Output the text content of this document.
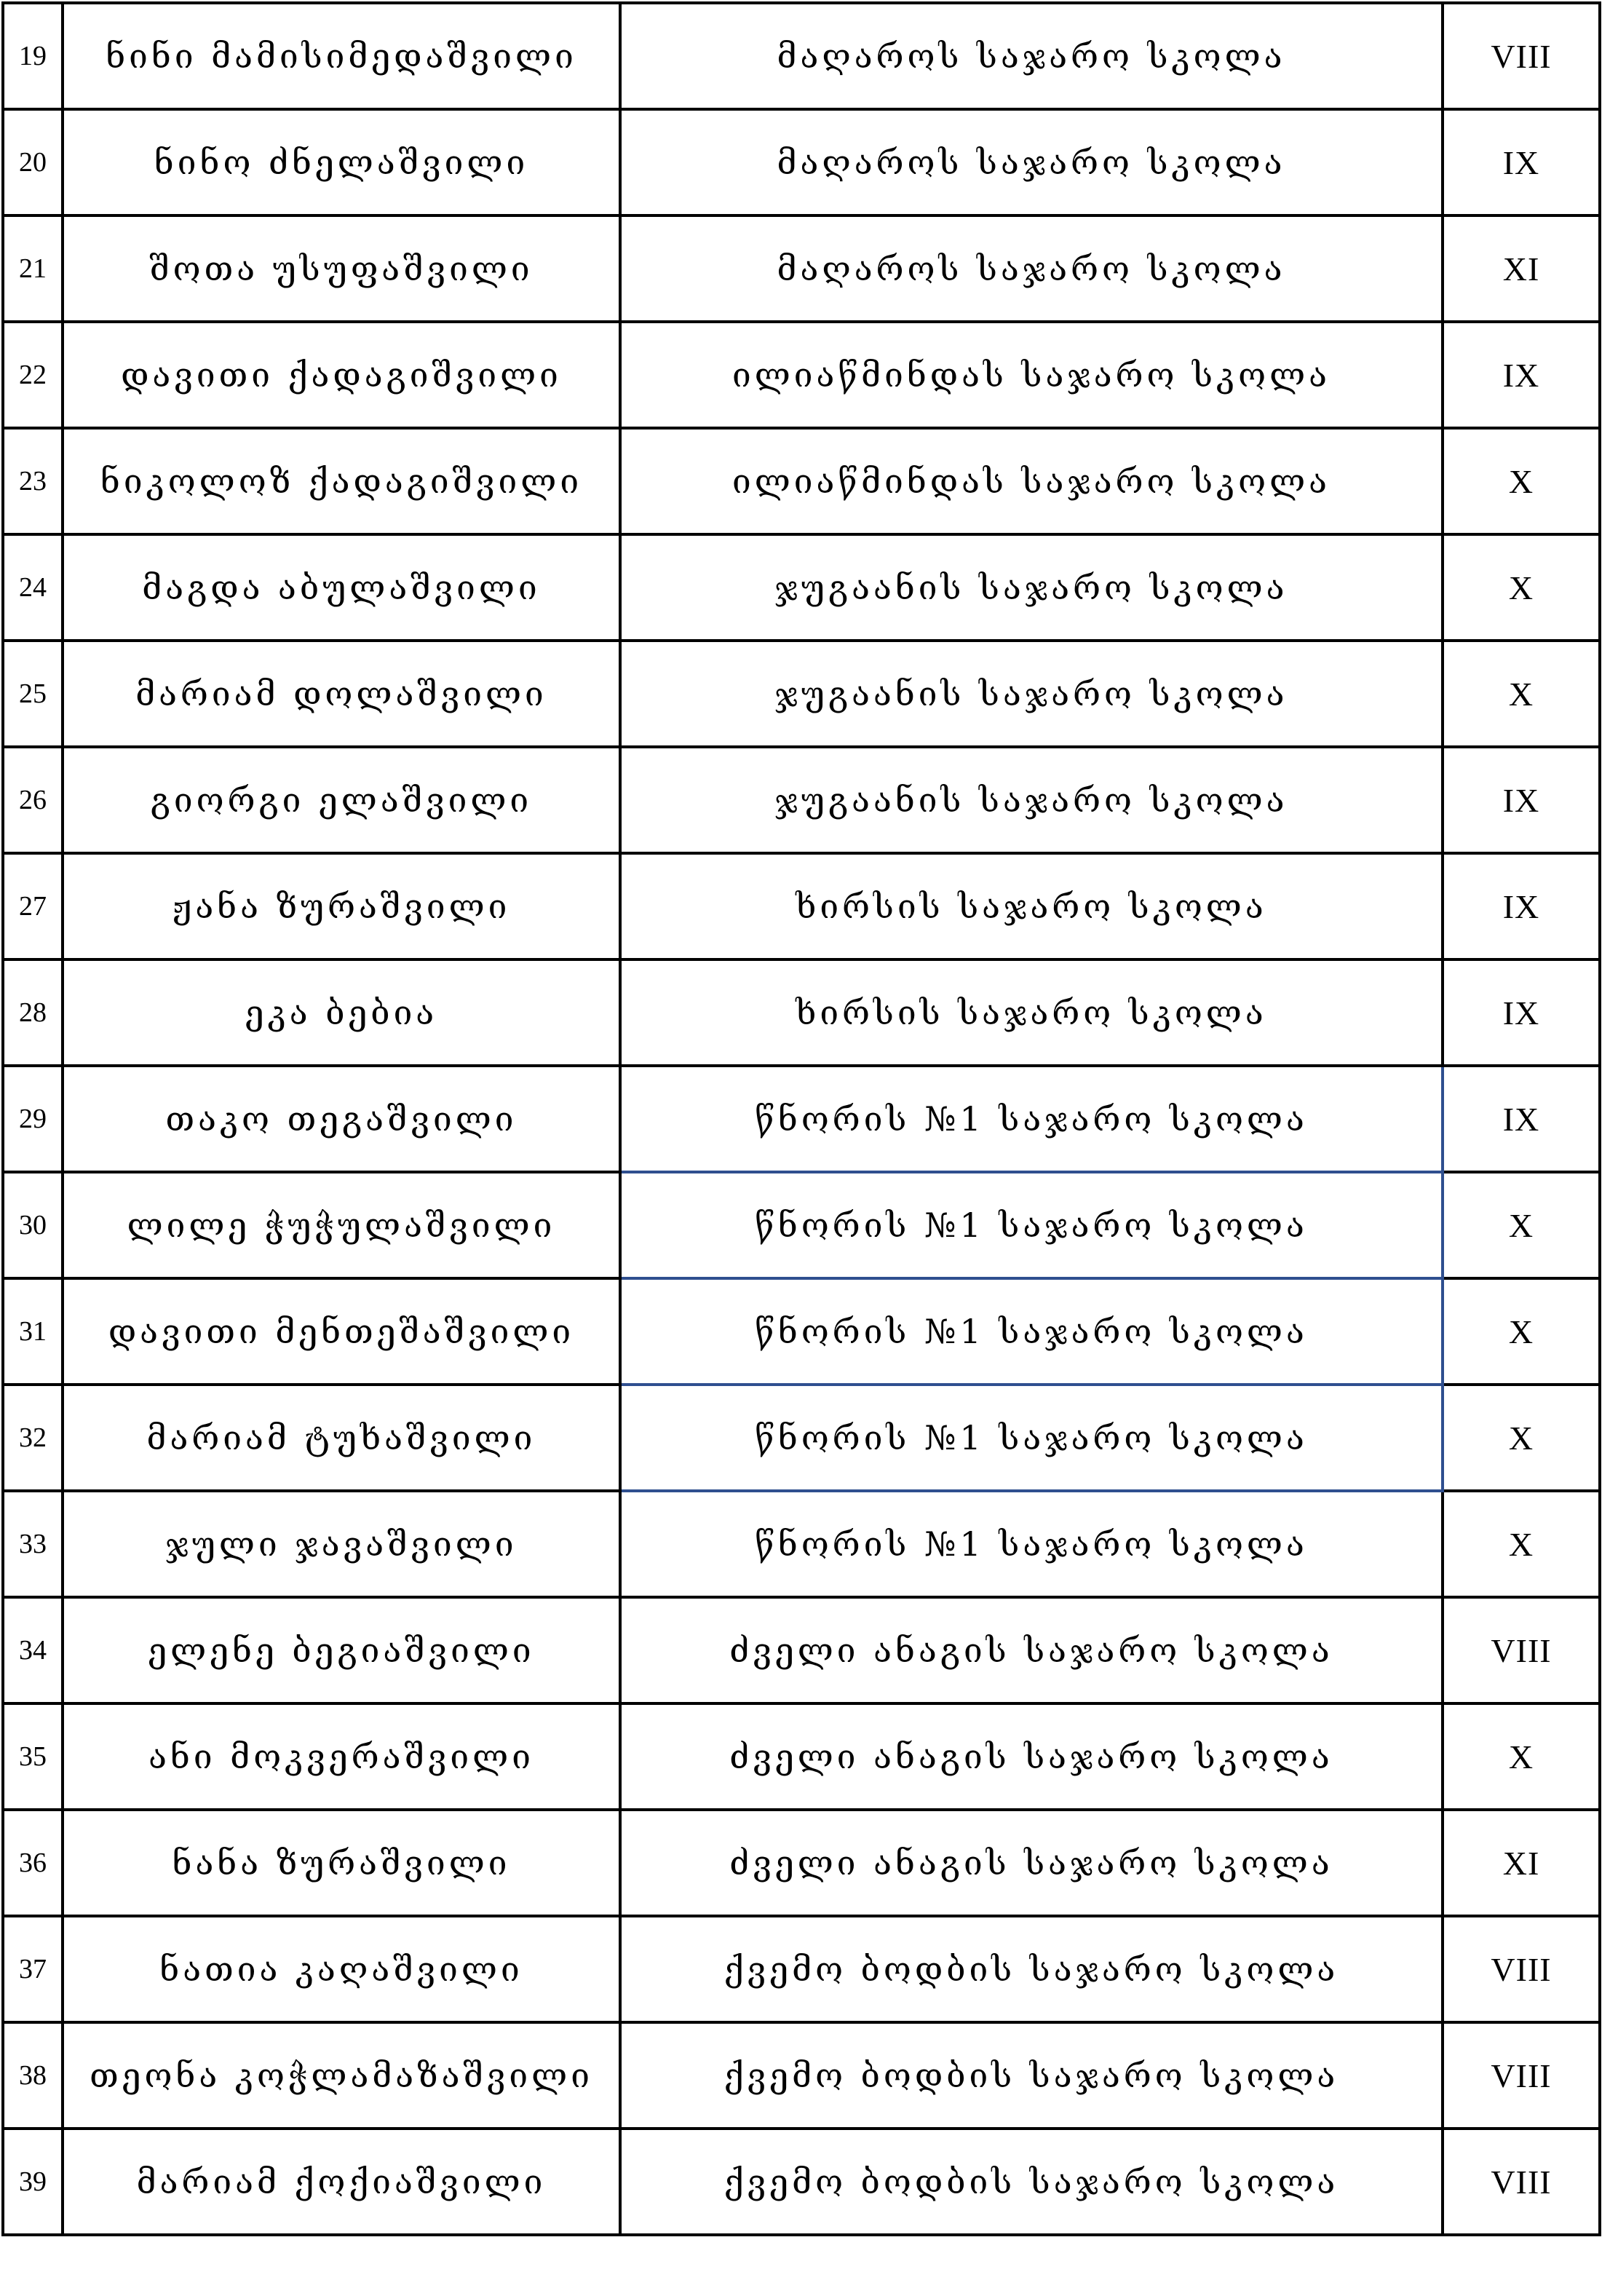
19	ნინი მამისიმედაშვილი	მაღაროს საჯარო სკოლა	VIII
20	ნინო ძნელაშვილი	მაღაროს საჯარო სკოლა	IX
21	შოთა უსუფაშვილი	მაღაროს საჯარო სკოლა	XI
22	დავითი ქადაგიშვილი	ილიაწმინდას საჯარო სკოლა	IX
23	ნიკოლოზ ქადაგიშვილი	ილიაწმინდას საჯარო სკოლა	X
24	მაგდა აბულაშვილი	ჯუგაანის საჯარო სკოლა	X
25	მარიამ დოლაშვილი	ჯუგაანის საჯარო სკოლა	X
26	გიორგი ელაშვილი	ჯუგაანის საჯარო სკოლა	IX
27	ჟანა ზურაშვილი	ხირსის საჯარო სკოლა	IX
28	ეკა ბებია	ხირსის საჯარო სკოლა	IX
29	თაკო თეგაშვილი	წნორის №1 საჯარო სკოლა	IX
30	ლილე ჭუჭულაშვილი	წნორის №1 საჯარო სკოლა	X
31	დავითი მენთეშაშვილი	წნორის №1 საჯარო სკოლა	X
32	მარიამ ტუხაშვილი	წნორის №1 საჯარო სკოლა	X
33	ჯული ჯავაშვილი	წნორის №1 საჯარო სკოლა	X
34	ელენე ბეგიაშვილი	ძველი ანაგის საჯარო სკოლა	VIII
35	ანი მოკვერაშვილი	ძველი ანაგის საჯარო სკოლა	X
36	ნანა ზურაშვილი	ძველი ანაგის საჯარო სკოლა	XI
37	ნათია კაღაშვილი	ქვემო ბოდბის საჯარო სკოლა	VIII
38	თეონა კოჭლამაზაშვილი	ქვემო ბოდბის საჯარო სკოლა	VIII
39	მარიამ ქოქიაშვილი	ქვემო ბოდბის საჯარო სკოლა	VIII
